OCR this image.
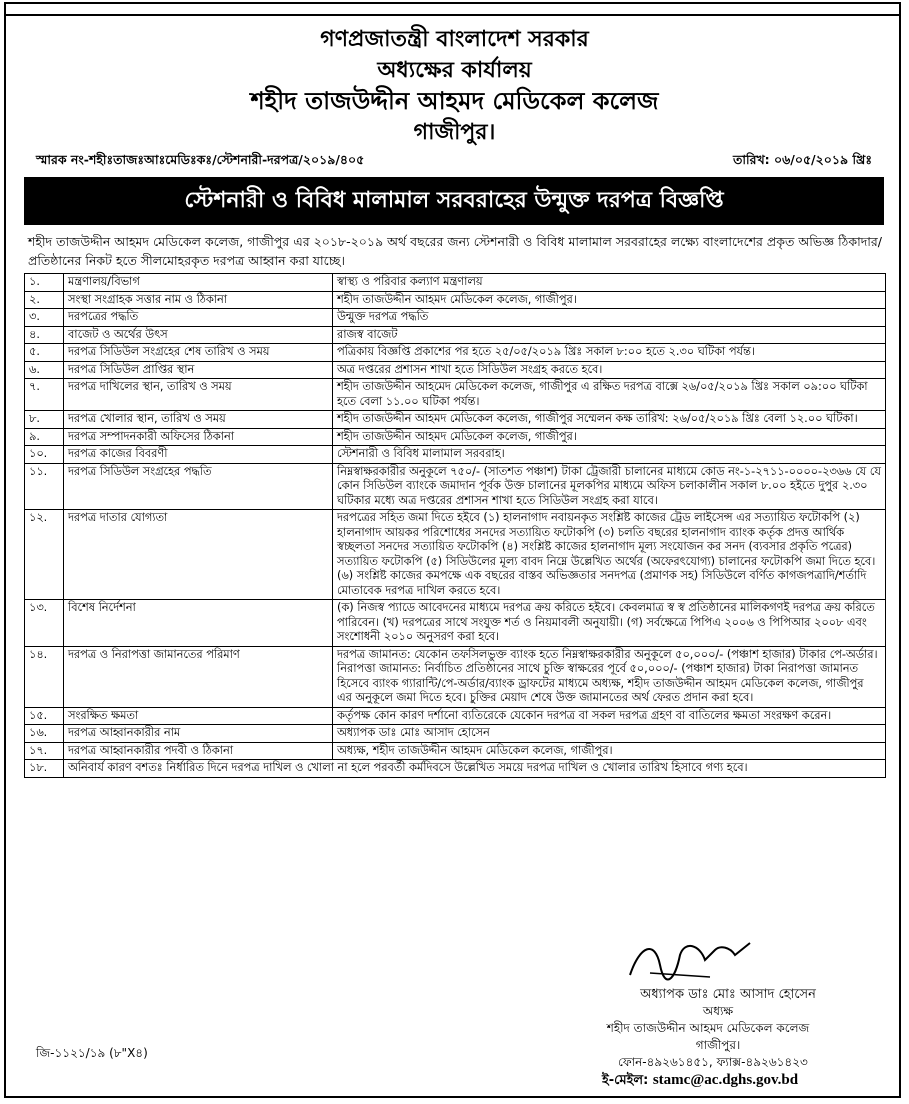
গণপ্রজাতন্ত্রী বাংলাদেশ সরকার
অধ্যক্ষের কার্যালয়
শহীদ তাজউদ্দীন আহমদ মেডিকেল কলেজ
গাজীপুর।
স্মারক নং-শহীঃতাজঃআঃমেডিঃকঃ/স্টেশনারী-দরপত্র/২০১৯/৪০৫	তারিখ: ০৬/০৫/২০১৯ খ্রিঃ
স্টেশনারী ও বিবিধ মালামাল সরবরাহের উন্মুক্ত দরপত্র বিজ্ঞপ্তি
শহীদ তাজউদ্দীন আহমদ মেডিকেল কলেজ, গাজীপুর এর ২০১৮-২০১৯ অর্থ বছরের জন্য স্টেশনারী ও বিবিধ মালামাল সরবরাহের লক্ষ্যে বাংলাদেশের প্রকৃত অভিজ্ঞ ঠিকাদার/প্রতিষ্ঠানের নিকট হতে সীলমোহরকৃত দরপত্র আহ্বান করা যাচ্ছে।
১.	মন্ত্রণালয়/বিভাগ	স্বাস্থ্য ও পরিবার কল্যাণ মন্ত্রণালয়
২.	সংস্থা সংগ্রাহক সত্তার নাম ও ঠিকানা	শহীদ তাজউদ্দীন আহমদ মেডিকেল কলেজ, গাজীপুর।
৩.	দরপত্রের পদ্ধতি	উন্মুক্ত দরপত্র পদ্ধতি
৪.	বাজেট ও অর্থের উৎস	রাজস্ব বাজেট
৫.	দরপত্র সিডিউল সংগ্রহের শেষ তারিখ ও সময়	পত্রিকায় বিজ্ঞপ্তি প্রকাশের পর হতে ২৫/০৫/২০১৯ খ্রিঃ সকাল ৮:০০ হতে ২.৩০ ঘটিকা পর্যন্ত।
৬.	দরপত্র সিডিউল প্রাপ্তির স্থান	অত্র দপ্তরের প্রশাসন শাখা হতে সিডিউল সংগ্রহ করতে হবে।
৭.	দরপত্র দাখিলের স্থান, তারিখ ও সময়	শহীদ তাজউদ্দীন আহমেদ মেডিকেল কলেজ, গাজীপুর এ রক্ষিত দরপত্র বাক্সে ২৬/০৫/২০১৯ খ্রিঃ সকাল ০৯:০০ ঘটিকা হতে বেলা ১১.০০ ঘটিকা পর্যন্ত।
৮.	দরপত্র খোলার স্থান, তারিখ ও সময়	শহীদ তাজউদ্দীন আহমদ মেডিকেল কলেজ, গাজীপুর সম্মেলন কক্ষ তারিখ: ২৬/০৫/২০১৯ খ্রিঃ বেলা ১২.০০ ঘটিকা।
৯.	দরপত্র সম্পাদনকারী অফিসের ঠিকানা	শহীদ তাজউদ্দীন আহমদ মেডিকেল কলেজ, গাজীপুর।
১০.	দরপত্র কাজের বিবরণী	স্টেশনারী ও বিবিধ মালামাল সরবরাহ।
১১.	দরপত্র সিডিউল সংগ্রহের পদ্ধতি	নিম্নস্বাক্ষরকারীর অনুকূলে ৭৫০/- (সাতশত পঞ্চাশ) টাকা ট্রেজারী চালানের মাধ্যমে কোড নং-১-২৭১১-০০০০-২৩৬৬ যে যে কোন সিডিউল ব্যাংকে জমাদান পূর্বক উক্ত চালানের মূলকপির মাধ্যমে অফিস চলাকালীন সকাল ৮.০০ হইতে দুপুর ২.৩০ ঘটিকার মধ্যে অত্র দপ্তরের প্রশাসন শাখা হতে সিডিউল সংগ্রহ করা যাবে।
১২.	দরপত্র দাতার যোগ্যতা	দরপত্রের সহিত জমা দিতে হইবে (১) হালনাগাদ নবায়নকৃত সংশ্লিষ্ট কাজের ট্রেড লাইসেন্স এর সত্যায়িত ফটোকপি (২) হালনাগাদ আয়কর পরিশোধের সনদের সত্যায়িত ফটোকপি (৩) চলতি বছরের হালনাগাদ ব্যাংক কর্তৃক প্রদত্ত আর্থিক স্বচ্ছলতা সনদের সত্যায়িত ফটোকপি (৪) সংশ্লিষ্ট কাজের হালনাগাদ মূল্য সংযোজন কর সনদ (ব্যবসার প্রকৃতি পত্রের) সত্যায়িত ফটোকপি (৫) সিডিউলের মূল্য বাবদ নিম্নে উল্লেখিত অর্থের (অফেরৎযোগ্য) চালানের ফটোকপি জমা দিতে হবে। (৬) সংশ্লিষ্ট কাজের কমপক্ষে এক বছরের বাস্তব অভিজ্ঞতার সনদপত্র (প্রমাণক সহ) সিডিউলে বর্ণিত কাগজপত্রাদি/শর্তাদি মোতাবেক দরপত্র দাখিল করতে হবে।
১৩.	বিশেষ নির্দেশনা	(ক) নিজস্ব প্যাডে আবেদনের মাধ্যমে দরপত্র ক্রয় করিতে হইবে। কেবলমাত্র স্ব স্ব প্রতিষ্ঠানের মালিকগণই দরপত্র ক্রয় করিতে পারিবেন। (খ) দরপত্রের সাথে সংযুক্ত শর্ত ও নিয়মাবলী অনুযায়ী। (গ) সর্বক্ষেত্রে পিপিএ ২০০৬ ও পিপিআর ২০০৮ এবং সংশোধনী ২০১০ অনুসরণ করা হবে।
১৪.	দরপত্র ও নিরাপত্তা জামানতের পরিমাণ	দরপত্র জামানত: যেকোন তফসিলভুক্ত ব্যাংক হতে নিম্নস্বাক্ষরকারীর অনুকূলে ৫০,০০০/- (পঞ্চাশ হাজার) টাকার পে-অর্ডার। নিরাপত্তা জামানত: নির্বাচিত প্রতিষ্ঠানের সাথে চুক্তি স্বাক্ষরের পূর্বে ৫০,০০০/- (পঞ্চাশ হাজার) টাকা নিরাপত্তা জামানত হিসেবে ব্যাংক গ্যারান্টি/পে-অর্ডার/ব্যাংক ড্রাফটের মাধ্যমে অধ্যক্ষ, শহীদ তাজউদ্দীন আহমদ মেডিকেল কলেজ, গাজীপুর এর অনুকূলে জমা দিতে হবে। চুক্তির মেয়াদ শেষে উক্ত জামানতের অর্থ ফেরত প্রদান করা হবে।
১৫.	সংরক্ষিত ক্ষমতা	কর্তৃপক্ষ কোন কারণ দর্শানো ব্যতিরেকে যেকোন দরপত্র বা সকল দরপত্র গ্রহণ বা বাতিলের ক্ষমতা সংরক্ষণ করেন।
১৬.	দরপত্র আহ্বানকারীর নাম	অধ্যাপক ডাঃ মোঃ আসাদ হোসেন
১৭.	দরপত্র আহ্বানকারীর পদবী ও ঠিকানা	অধ্যক্ষ, শহীদ তাজউদ্দীন আহমদ মেডিকেল কলেজ, গাজীপুর।
১৮.	অনিবার্য কারণ বশতঃ নির্ধারিত দিনে দরপত্র দাখিল ও খোলা না হলে পরবর্তী কর্মদিবসে উল্লেখিত সময়ে দরপত্র দাখিল ও খোলার তারিখ হিসাবে গণ্য হবে।	
অধ্যাপক ডাঃ মোঃ আসাদ হোসেন
অধ্যক্ষ
শহীদ তাজউদ্দীন আহমদ মেডিকেল কলেজ
গাজীপুর।
জি-১১২১/১৯ (৮"X৪)
ফোন-৪৯২৬১৪৫১, ফ্যাক্স-৪৯২৬১৪২৩
ই-মেইল: stamc@ac.dghs.gov.bd
